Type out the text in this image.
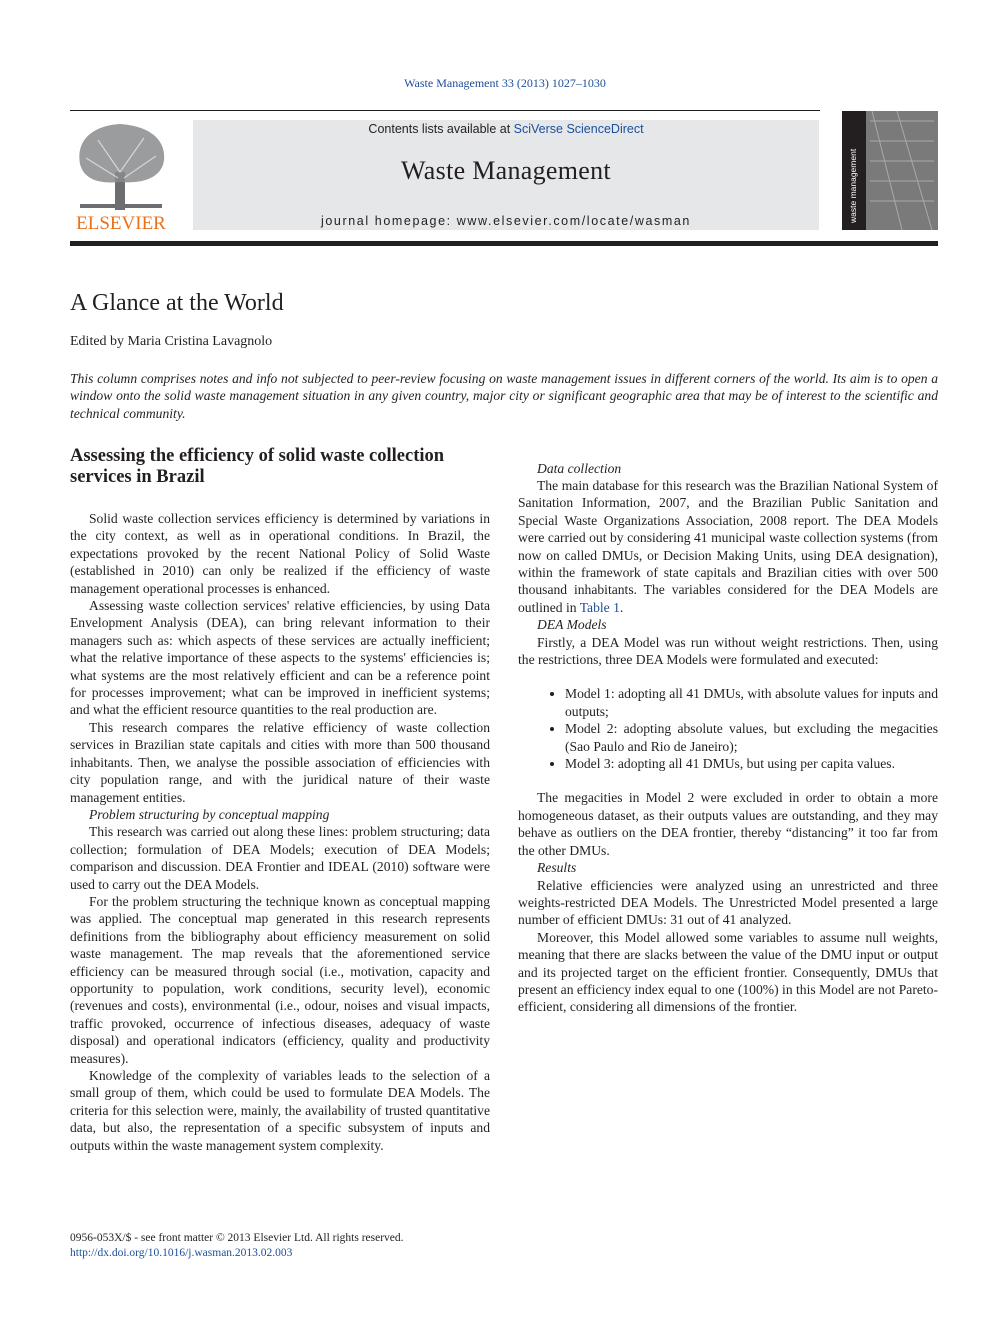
Waste Management 33 (2013) 1027–1030
ELSEVIER
Contents lists available at SciVerse ScienceDirect
Waste Management
journal homepage: www.elsevier.com/locate/wasman	waste management
A Glance at the World
Edited by Maria Cristina Lavagnolo
This column comprises notes and info not subjected to peer-review focusing on waste management issues in different corners of the world. Its aim is to open a window onto the solid waste management situation in any given country, major city or significant geographic area that may be of interest to the scientific and technical community.
Assessing the efficiency of solid waste collection services in Brazil

Solid waste collection services efficiency is determined by variations in the city context, as well as in operational conditions. In Brazil, the expectations provoked by the recent National Policy of Solid Waste (established in 2010) can only be realized if the efficiency of waste management operational processes is enhanced.

Assessing waste collection services' relative efficiencies, by using Data Envelopment Analysis (DEA), can bring relevant information to their managers such as: which aspects of these services are actually inefficient; what the relative importance of these aspects to the systems' efficiencies is; what systems are the most relatively efficient and can be a reference point for processes improvement; what can be improved in inefficient systems; and what the efficient resource quantities to the real production are.

This research compares the relative efficiency of waste collection services in Brazilian state capitals and cities with more than 500 thousand inhabitants. Then, we analyse the possible association of efficiencies with city population range, and with the juridical nature of their waste management entities.

Problem structuring by conceptual mapping

This research was carried out along these lines: problem structuring; data collection; formulation of DEA Models; execution of DEA Models; comparison and discussion. DEA Frontier and IDEAL (2010) software were used to carry out the DEA Models.

For the problem structuring the technique known as conceptual mapping was applied. The conceptual map generated in this research represents definitions from the bibliography about efficiency measurement on solid waste management. The map reveals that the aforementioned service efficiency can be measured through social (i.e., motivation, capacity and opportunity to population, work conditions, security level), economic (revenues and costs), environmental (i.e., odour, noises and visual impacts, traffic provoked, occurrence of infectious diseases, adequacy of waste disposal) and operational indicators (efficiency, quality and productivity measures).

Knowledge of the complexity of variables leads to the selection of a small group of them, which could be used to formulate DEA Models. The criteria for this selection were, mainly, the availability of trusted quantitative data, but also, the representation of a specific subsystem of inputs and outputs within the waste management system complexity.

Data collection

The main database for this research was the Brazilian National System of Sanitation Information, 2007, and the Brazilian Public Sanitation and Special Waste Organizations Association, 2008 report. The DEA Models were carried out by considering 41 municipal waste collection systems (from now on called DMUs, or Decision Making Units, using DEA designation), within the framework of state capitals and Brazilian cities with over 500 thousand inhabitants. The variables considered for the DEA Models are outlined in Table 1.

DEA Models

Firstly, a DEA Model was run without weight restrictions. Then, using the restrictions, three DEA Models were formulated and executed:

• Model 1: adopting all 41 DMUs, with absolute values for inputs and outputs;
• Model 2: adopting absolute values, but excluding the megacities (Sao Paulo and Rio de Janeiro);
• Model 3: adopting all 41 DMUs, but using per capita values.

The megacities in Model 2 were excluded in order to obtain a more homogeneous dataset, as their outputs values are outstanding, and they may behave as outliers on the DEA frontier, thereby “distancing” it too far from the other DMUs.

Results

Relative efficiencies were analyzed using an unrestricted and three weights-restricted DEA Models. The Unrestricted Model presented a large number of efficient DMUs: 31 out of 41 analyzed.

Moreover, this Model allowed some variables to assume null weights, meaning that there are slacks between the value of the DMU input or output and its projected target on the efficient frontier. Consequently, DMUs that present an efficiency index equal to one (100%) in this Model are not Pareto-efficient, considering all dimensions of the frontier.

0956-053X/$ - see front matter © 2013 Elsevier Ltd. All rights reserved.
http://dx.doi.org/10.1016/j.wasman.2013.02.003
